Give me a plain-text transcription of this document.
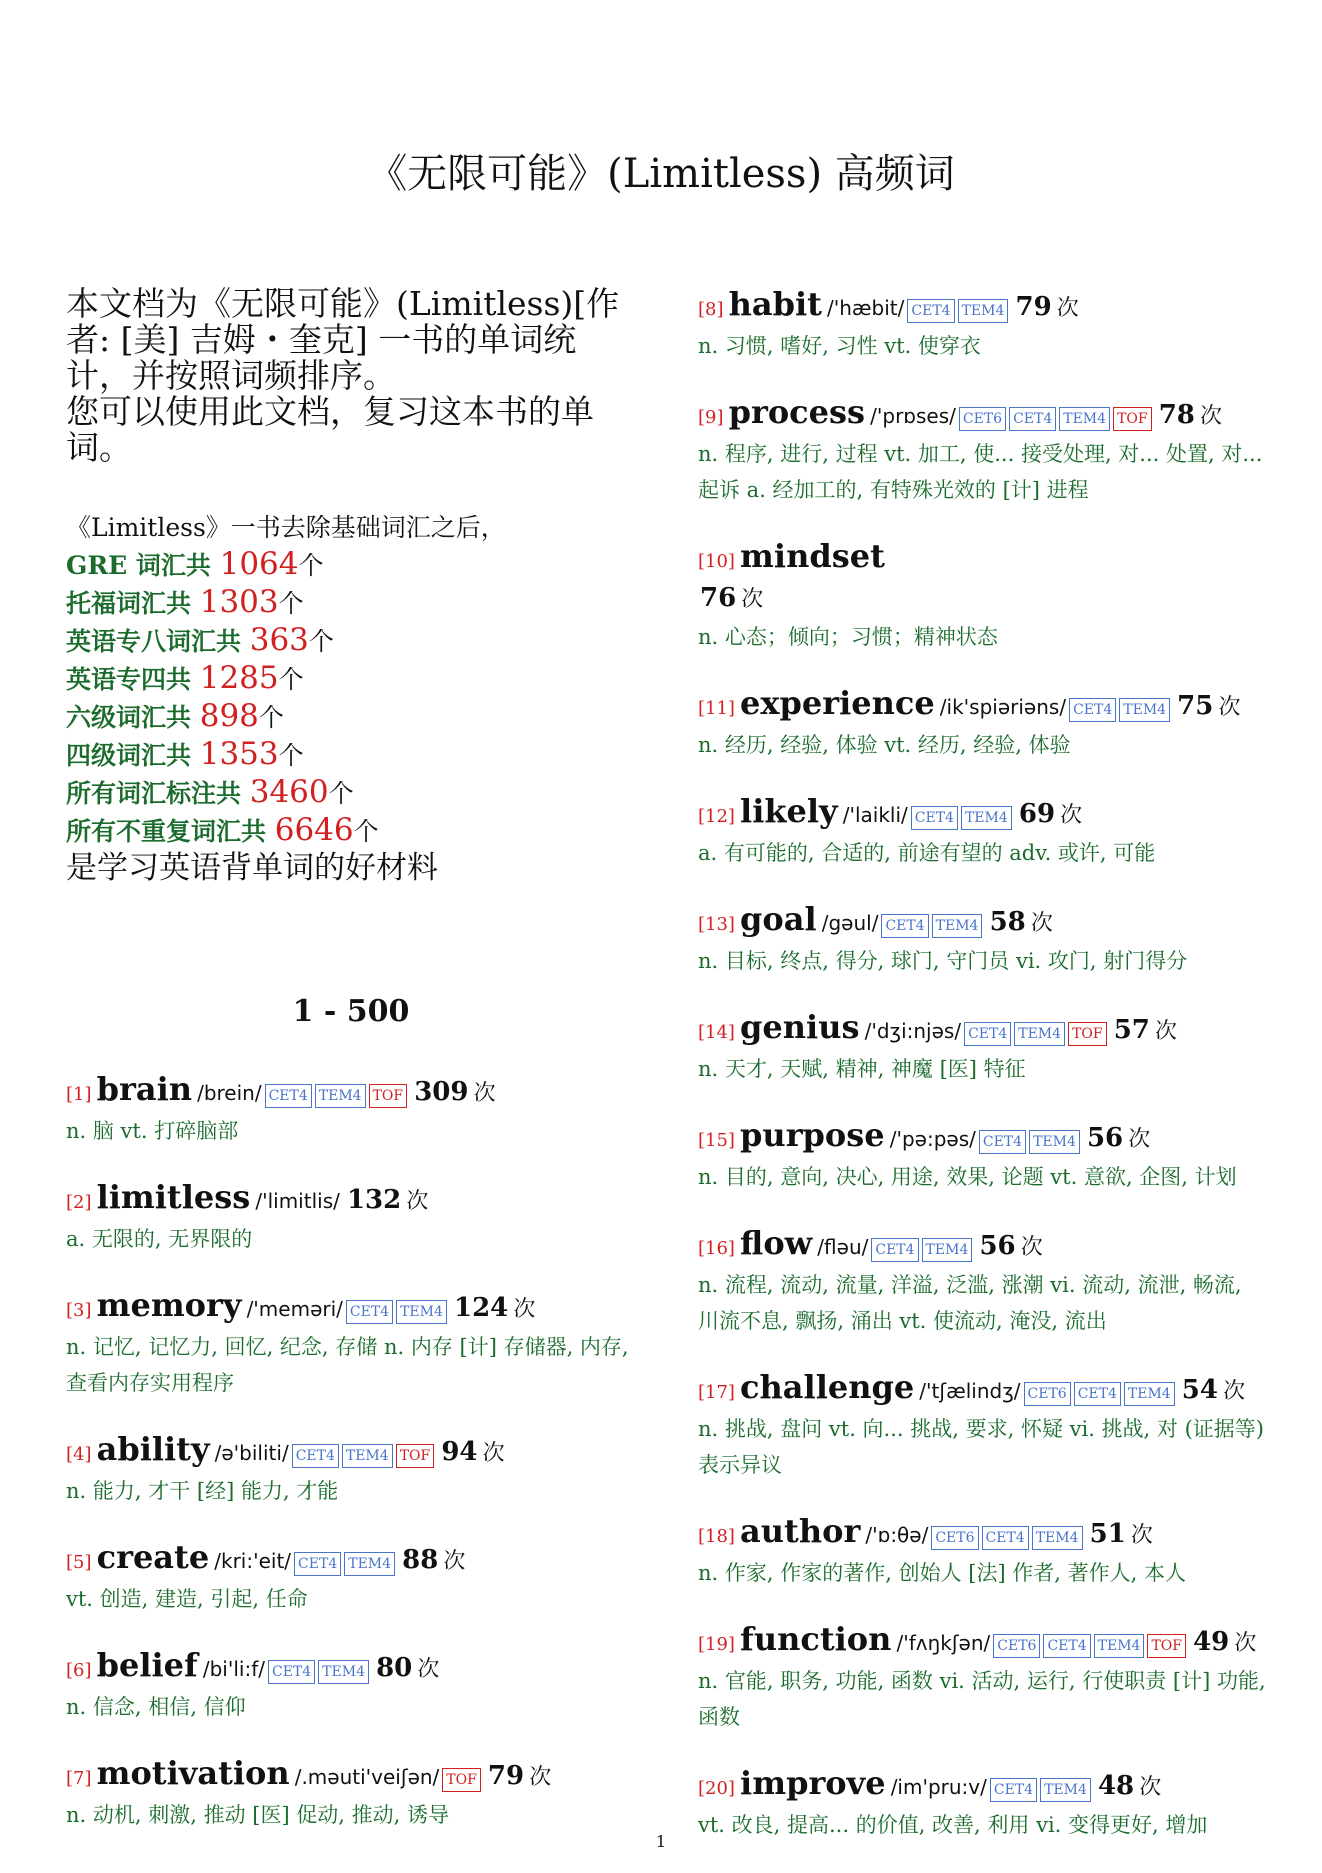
《无限可能》(Limitless) 高频词

本文档为《无限可能》(Limitless)[作者: [美] 吉姆・奎克] 一书的单词统计，并按照词频排序。

您可以使用此文档，复习这本书的单词。

《Limitless》一书去除基础词汇之后，
GRE 词汇共 1064个
托福词汇共 1303个
英语专八词汇共 363个
英语专四共 1285个
六级词汇共 898个
四级词汇共 1353个
所有词汇标注共 3460个
所有不重复词汇共 6646个
是学习英语背单词的好材料
1 - 500
[1] brain /brein/ CET4 TEM4 TOF 309 次
n. 脑 vt. 打碎脑部
[2] limitless /'limitlis/ 132 次
a. 无限的, 无界限的
[3] memory /'meməri/ CET4 TEM4 124 次
n. 记忆, 记忆力, 回忆, 纪念, 存储 n. 内存 [计] 存储器, 内存, 查看内存实用程序
[4] ability /ə'biliti/ CET4 TEM4 TOF 94 次
n. 能力, 才干 [经] 能力, 才能
[5] create /kri:'eit/ CET4 TEM4 88 次
vt. 创造, 建造, 引起, 任命
[6] belief /bi'li:f/ CET4 TEM4 80 次
n. 信念, 相信, 信仰
[7] motivation /.məuti'veiʃən/ TOF 79 次
n. 动机, 刺激, 推动 [医] 促动, 推动, 诱导
[8] habit /'hæbit/ CET4 TEM4 79 次
n. 习惯, 嗜好, 习性 vt. 使穿衣
[9] process /'prɒses/ CET6 CET4 TEM4 TOF 78 次
n. 程序, 进行, 过程 vt. 加工, 使... 接受处理, 对... 处置, 对... 起诉 a. 经加工的, 有特殊光效的 [计] 进程
[10] mindset
76 次
n. 心态；倾向；习惯；精神状态
[11] experience /ik'spiəriəns/ CET4 TEM4 75 次
n. 经历, 经验, 体验 vt. 经历, 经验, 体验
[12] likely /'laikli/ CET4 TEM4 69 次
a. 有可能的, 合适的, 前途有望的 adv. 或许, 可能
[13] goal /gəul/ CET4 TEM4 58 次
n. 目标, 终点, 得分, 球门, 守门员 vi. 攻门, 射门得分
[14] genius /'dʒi:njəs/ CET4 TEM4 TOF 57 次
n. 天才, 天赋, 精神, 神魔 [医] 特征
[15] purpose /'pə:pəs/ CET4 TEM4 56 次
n. 目的, 意向, 决心, 用途, 效果, 论题 vt. 意欲, 企图, 计划
[16] flow /fləu/ CET4 TEM4 56 次
n. 流程, 流动, 流量, 洋溢, 泛滥, 涨潮 vi. 流动, 流泄, 畅流, 川流不息, 飘扬, 涌出 vt. 使流动, 淹没, 流出
[17] challenge /'tʃælindʒ/ CET6 CET4 TEM4 54 次
n. 挑战, 盘问 vt. 向... 挑战, 要求, 怀疑 vi. 挑战, 对 (证据等) 表示异议
[18] author /'ɒ:θə/ CET6 CET4 TEM4 51 次
n. 作家, 作家的著作, 创始人 [法] 作者, 著作人, 本人
[19] function /'fʌŋkʃən/ CET6 CET4 TEM4 TOF 49 次
n. 官能, 职务, 功能, 函数 vi. 活动, 运行, 行使职责 [计] 功能, 函数
[20] improve /im'pru:v/ CET4 TEM4 48 次
vt. 改良, 提高... 的价值, 改善, 利用 vi. 变得更好, 增加
1
